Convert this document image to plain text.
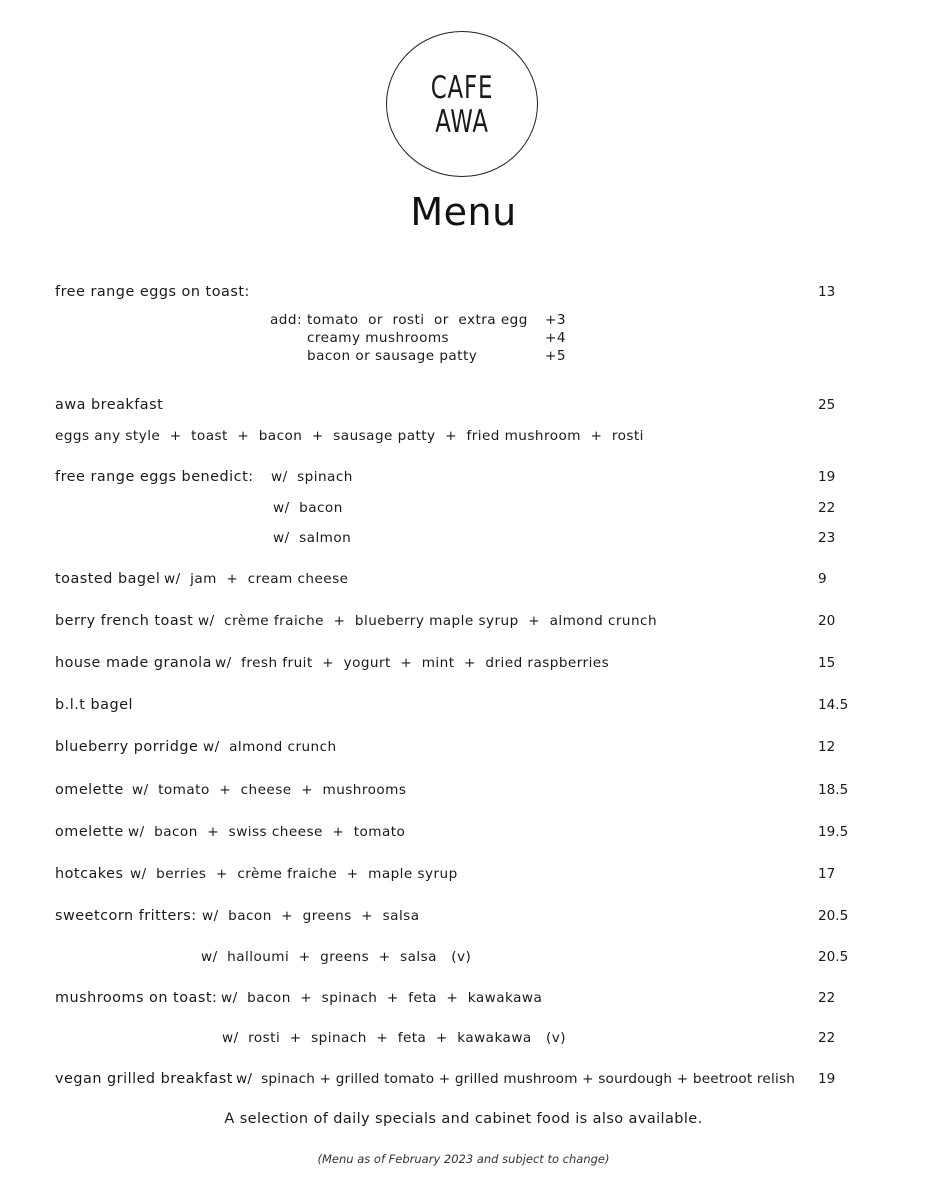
CAFE
AWA
Menu
free range eggs on toast:	13
add: tomato  or  rosti  or  extra egg +3
creamy mushrooms	+4
bacon or sausage patty	+5
awa breakfast	25
eggs any style  +  toast  +  bacon  +  sausage patty  +  fried mushroom  +  rosti
free range eggs benedict: w/  spinach	19
w/  bacon	22
w/  salmon	23
toasted bagel w/  jam  +  cream cheese	9
berry french toast w/  crème fraiche  +  blueberry maple syrup  +  almond crunch	20
house made granola w/  fresh fruit  +  yogurt  +  mint  +  dried raspberries	15
b.l.t bagel	14.5
blueberry porridge w/  almond crunch	12
omelette w/  tomato  +  cheese  +  mushrooms	18.5
omelette w/  bacon  +  swiss cheese  +  tomato	19.5
hotcakes w/  berries  +  crème fraiche  +  maple syrup	17
sweetcorn fritters: w/  bacon  +  greens  +  salsa	20.5
w/  halloumi  +  greens  +  salsa   (v)	20.5
mushrooms on toast: w/  bacon  +  spinach  +  feta  +  kawakawa	22
w/  rosti  +  spinach  +  feta  +  kawakawa   (v)	22
vegan grilled breakfast w/  spinach + grilled tomato + grilled mushroom + sourdough + beetroot relish 19
A selection of daily specials and cabinet food is also available.
(Menu as of February 2023 and subject to change)
